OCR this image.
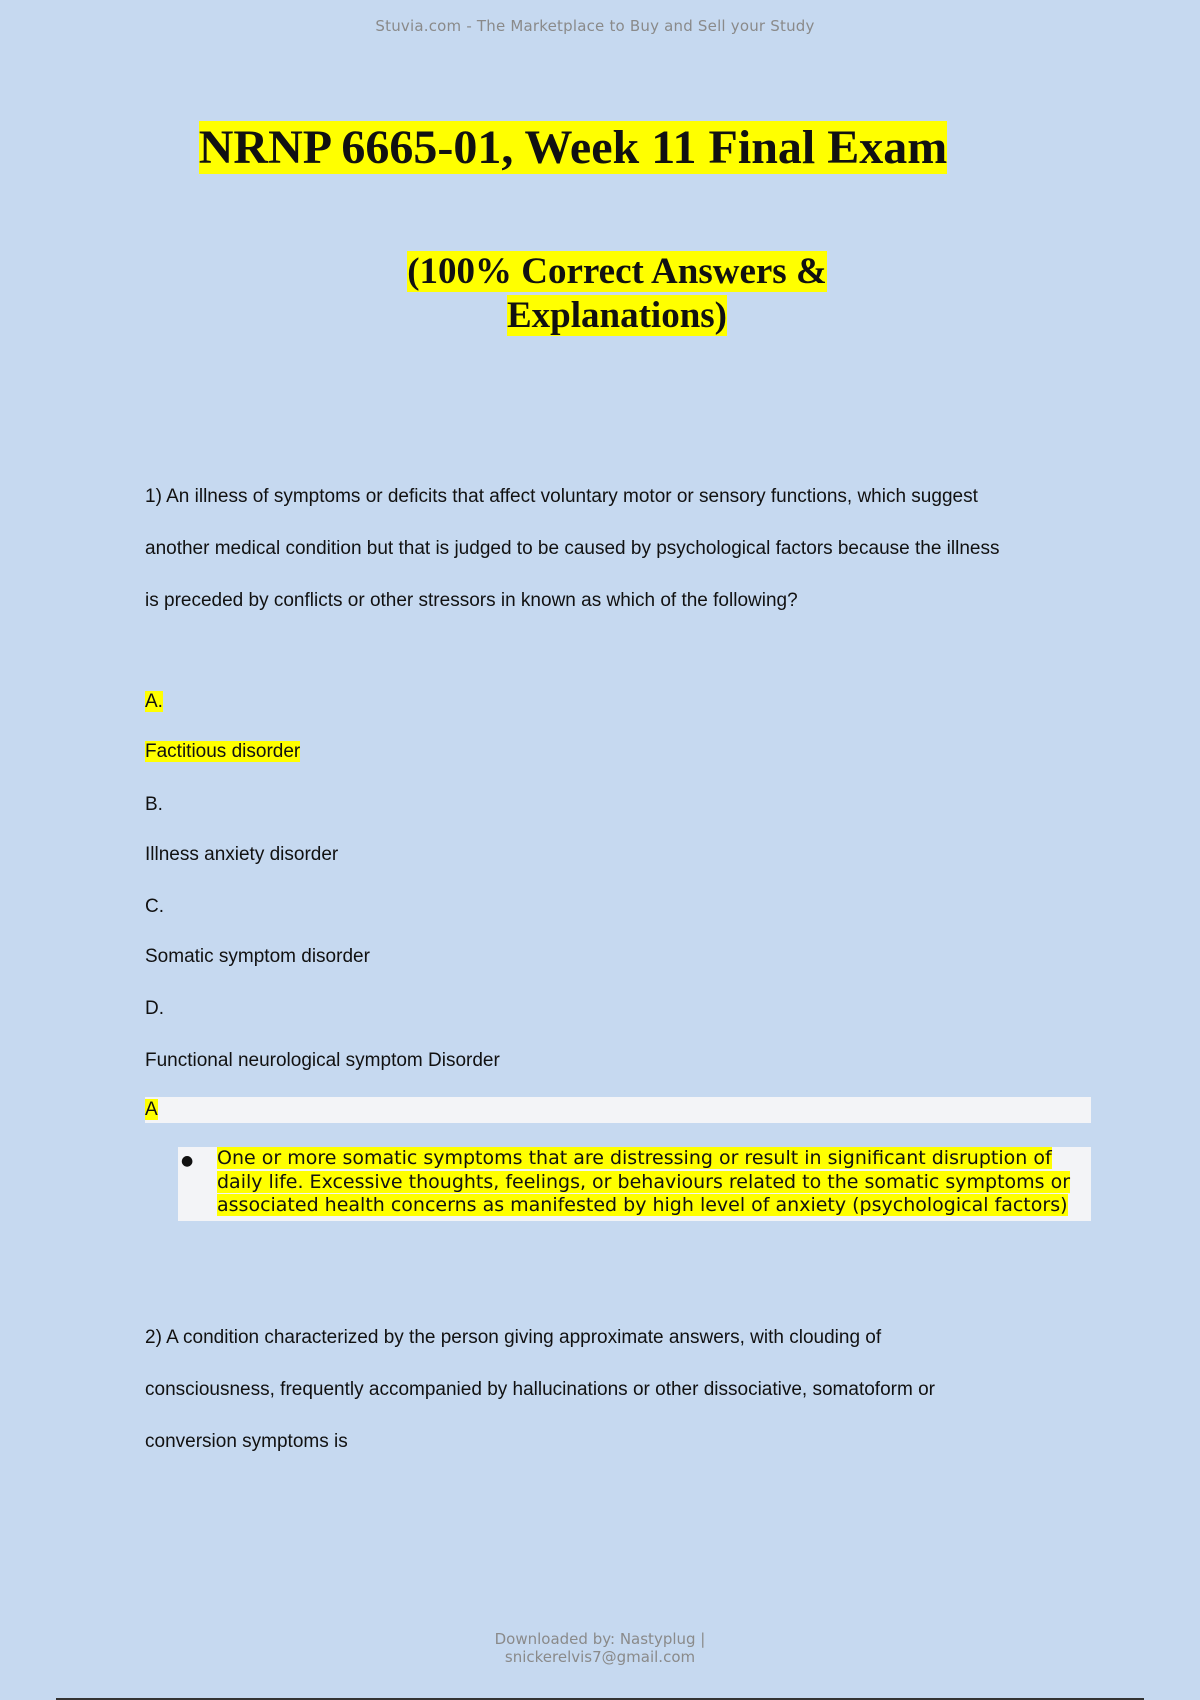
Stuvia.com - The Marketplace to Buy and Sell your Study
NRNP 6665-01, Week 11 Final Exam
(100% Correct Answers &
Explanations)

1) An illness of symptoms or deficits that affect voluntary motor or sensory functions, which suggest another medical condition but that is judged to be caused by psychological factors because the illness is preceded by conflicts or other stressors in known as which of the following?

A.
Factitious disorder
B.
Illness anxiety disorder
C.
Somatic symptom disorder
D.
Functional neurological symptom Disorder
A
● One or more somatic symptoms that are distressing or result in significant disruption of daily life. Excessive thoughts, feelings, or behaviours related to the somatic symptoms or associated health concerns as manifested by high level of anxiety (psychological factors)

2) A condition characterized by the person giving approximate answers, with clouding of consciousness, frequently accompanied by hallucinations or other dissociative, somatoform or conversion symptoms is

Downloaded by: Nastyplug |
snickerelvis7@gmail.com
